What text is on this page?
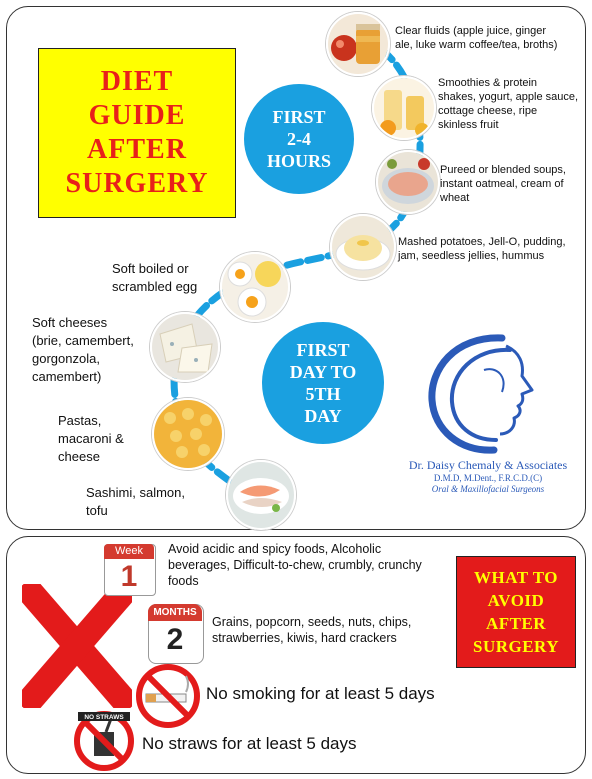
DIET
GUIDE
AFTER
SURGERY
FIRST
2-4
HOURS
FIRST
DAY TO
5TH
DAY
Clear fluids (apple juice, ginger
ale, luke warm coffee/tea, broths)
Smoothies & protein
shakes, yogurt, apple sauce,
cottage cheese, ripe
skinless fruit
Pureed or blended soups,
instant oatmeal, cream of
wheat
Mashed potatoes, Jell-O, pudding,
jam, seedless jellies, hummus
Soft boiled or
scrambled egg
Soft cheeses
(brie, camembert,
gorgonzola,
camembert)
Pastas,
macaroni &
cheese
Sashimi, salmon,
tofu
Dr. Daisy Chemaly & Associates
D.M.D, M.Dent., F.R.C.D.(C)
Oral & Maxillofacial Surgeons
Week
1
Avoid acidic and spicy foods, Alcoholic
beverages, Difficult-to-chew, crumbly, crunchy
foods
MONTHS
2
Grains, popcorn, seeds, nuts, chips,
strawberries, kiwis, hard crackers
WHAT TO
AVOID
AFTER
SURGERY
No smoking for at least 5 days
NO STRAWS
No straws for at least 5 days
